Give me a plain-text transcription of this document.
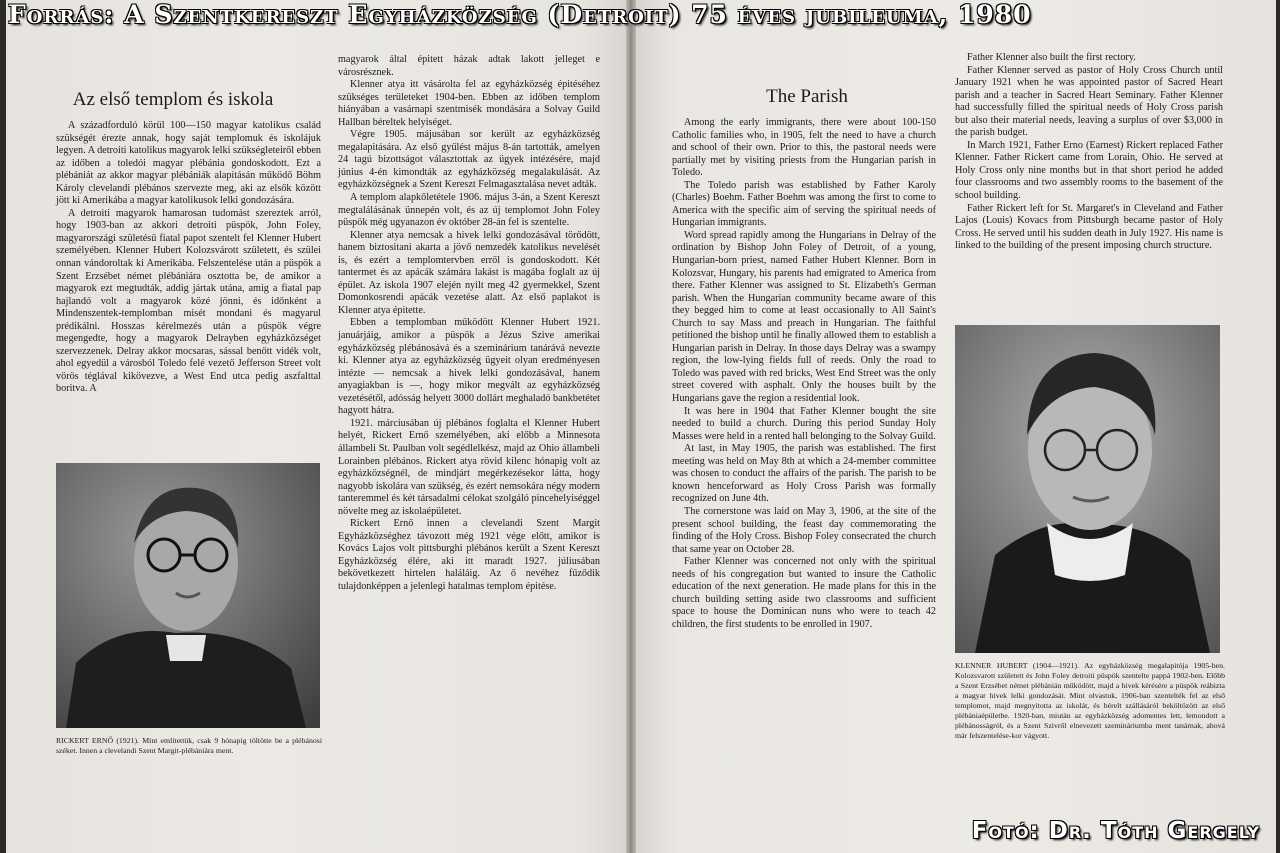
Az első templom és iskola

A századforduló körül 100—150 magyar katolikus család szükségét érezte annak, hogy saját templomuk és iskolájuk legyen. A detroiti katolikus magyarok lelki szükségleteiről ebben az időben a toledói magyar plébánia gondoskodott. Ezt a plébániát az akkor magyar plébániák alapításán működő Böhm Károly clevelandi plébános szervezte meg, aki az elsők között jött ki Amerikába a magyar katolikusok lelki gondozására.

A detroiti magyarok hamarosan tudomást szereztek arról, hogy 1903-ban az akkori detroiti püspök, John Foley, magyarországi születésű fiatal papot szentelt fel Klenner Hubert személyében. Klenner Hubert Kolozsvárott született, és szülei onnan vándoroltak ki Amerikába. Felszentelése után a püspök a Szent Erzsébet német plébániára osztotta be, de amikor a magyarok ezt megtudták, addig jártak utána, amig a fiatal pap hajlandó volt a magyarok közé jönni, és időnként a Mindenszentek-templomban misét mondani és magyarul prédikálni. Hosszas kérelmezés után a püspök végre megengedte, hogy a magyarok Delrayben egyházközséget szervezzenek. Delray akkor mocsaras, sással benőtt vidék volt, ahol egyedül a városból Toledo felé vezető Jefferson Street volt vörös téglával kikövezve, a West End utca pedig aszfalttal boritva. A

magyarok által épitett házak adtak lakott jelleget e városrésznek.

Klenner atya itt vásárolta fel az egyházközség épitéséhez szükséges területeket 1904-ben. Ebben az időben templom hiányában a vasárnapi szentmisék mondására a Solvay Guild Hallban béreltek helyiséget.

Végre 1905. májusában sor került az egyházközség megalapitására. Az első gyűlést május 8-án tartották, amelyen 24 tagú bizottságot választottak az ügyek intézésére, majd június 4-én kimondták az egyházközség megalakulását. Az egyházközségnek a Szent Kereszt Felmagasztalása nevet adták.

A templom alapkőletétele 1906. május 3-án, a Szent Kereszt megtalálásának ünnepén volt, és az új templomot John Foley püspök még ugyanazon év október 28-án fel is szentelte.

Klenner atya nemcsak a hivek lelki gondozásával törődött, hanem biztositani akarta a jövő nemzedék katolikus nevelését is, és ezért a templomtervben erről is gondoskodott. Két tantermet és az apácák számára lakást is magába foglalt az új épület. Az iskola 1907 elején nyilt meg 42 gyermekkel, Szent Domonkosrendi apácák vezetése alatt. Az első paplakot is Klenner atya épitette.

Ebben a templomban működött Klenner Hubert 1921. januárjáig, amikor a püspök a Jézus Szive amerikai egyházközség plébánosává és a szeminárium tanárává nevezte ki. Klenner atya az egyházközség ügyeit olyan eredményesen intézte — nemcsak a hivek lelki gondozásával, hanem anyagiakban is —, hogy mikor megvált az egyházközség vezetésétől, adósság helyett 3000 dollárt meghaladó bankbetétet hagyott hátra.

1921. márciusában új plébános foglalta el Klenner Hubert helyét, Rickert Ernő személyében, aki előbb a Minnesota állambeli St. Paulban volt segédlelkész, majd az Ohio állambeli Lorainben plébános. Rickert atya rövid kilenc hónapig volt az egyházközségnél, de mindjárt megérkezésekor látta, hogy nagyobb iskolára van szükség, és ezért nemsokára négy modern tanteremmel és két társadalmi célokat szolgáló pincehelyiséggel növelte meg az iskolaépületet.

Rickert Ernő innen a clevelandi Szent Margit Egyházközséghez távozott még 1921 vége előtt, amikor is Kovács Lajos volt pittsburghi plébános került a Szent Kereszt Egyházközség élére, aki itt maradt 1927. júliusában bekövetkezett hirtelen haláláig. Az ő nevéhez fűződik tulajdonképpen a jelenlegi hatalmas templom épitése.

RICKERT ERNŐ (1921). Mint emlitettük, csak 9 hónapig töltötte be a plébánosi széket. Innen a clevelandi Szent Margit-plébániára ment.
The Parish

Among the early immigrants, there were about 100-150 Catholic families who, in 1905, felt the need to have a church and school of their own. Prior to this, the pastoral needs were partially met by visiting priests from the Hungarian parish in Toledo.

The Toledo parish was established by Father Karoly (Charles) Boehm. Father Boehm was among the first to come to America with the specific aim of serving the spiritual needs of Hungarian immigrants.

Word spread rapidly among the Hungarians in Delray of the ordination by Bishop John Foley of Detroit, of a young, Hungarian-born priest, named Father Hubert Klenner. Born in Kolozsvar, Hungary, his parents had emigrated to America from there. Father Klenner was assigned to St. Elizabeth's German parish. When the Hungarian community became aware of this they begged him to come at least occasionally to All Saint's Church to say Mass and preach in Hungarian. The faithful petitioned the bishop until he finally allowed them to establish a Hungarian parish in Delray. In those days Delray was a swampy region, the low-lying fields full of reeds. Only the road to Toledo was paved with red bricks, West End Street was the only street covered with asphalt. Only the houses built by the Hungarians gave the region a residential look.

It was here in 1904 that Father Klenner bought the site needed to build a church. During this period Sunday Holy Masses were held in a rented hall belonging to the Solvay Guild.

At last, in May 1905, the parish was established. The first meeting was held on May 8th at which a 24-member committee was chosen to conduct the affairs of the parish. The parish to be known henceforward as Holy Cross Parish was formally recognized on June 4th.

The cornerstone was laid on May 3, 1906, at the site of the present school building, the feast day commemorating the finding of the Holy Cross. Bishop Foley consecrated the church that same year on October 28.

Father Klenner was concerned not only with the spiritual needs of his congregation but wanted to insure the Catholic education of the next generation. He made plans for this in the church building setting aside two classrooms and sufficient space to house the Dominican nuns who were to teach 42 children, the first students to be enrolled in 1907.

Father Klenner also built the first rectory.

Father Klenner served as pastor of Holy Cross Church until January 1921 when he was appointed pastor of Sacred Heart parish and a teacher in Sacred Heart Seminary. Father Klenner had successfully filled the spiritual needs of Holy Cross parish but also their material needs, leaving a surplus of over $3,000 in the parish budget.

In March 1921, Father Erno (Earnest) Rickert replaced Father Klenner. Father Rickert came from Lorain, Ohio. He served at Holy Cross only nine months but in that short period he added four classrooms and two assembly rooms to the basement of the school building.

Father Rickert left for St. Margaret's in Cleveland and Father Lajos (Louis) Kovacs from Pittsburgh became pastor of Holy Cross. He served until his sudden death in July 1927. His name is linked to the building of the present imposing church structure.

KLENNER HUBERT (1904—1921). Az egyházközség megalapitója 1905-ben. Kolozsvarott született és John Foley detroiti püspök szentelte pappá 1902-ben. Előbb a Szent Erzsébet német plébánián működött, majd a hivek kérésére a püspök reábizta a magyar hivek lelki gondozását. Mint olvastuk, 1906-ban szentelték fel az első templomot, majd megnyitotta az iskolát, és bérelt szállásáról beköltözött az első plébániaépületbe. 1920-ban, miután az egyházközség adomentes lett, lemondott a plébánosságról, és a Szent Szivről elnevezett szemináriumba ment tanárnak, ahová már felszentelése-kor vágyott.
Forrás: A Szentkereszt Egyházközség (Detroit) 75 éves jubileuma, 1980
Fotó: Dr. Tóth Gergely
